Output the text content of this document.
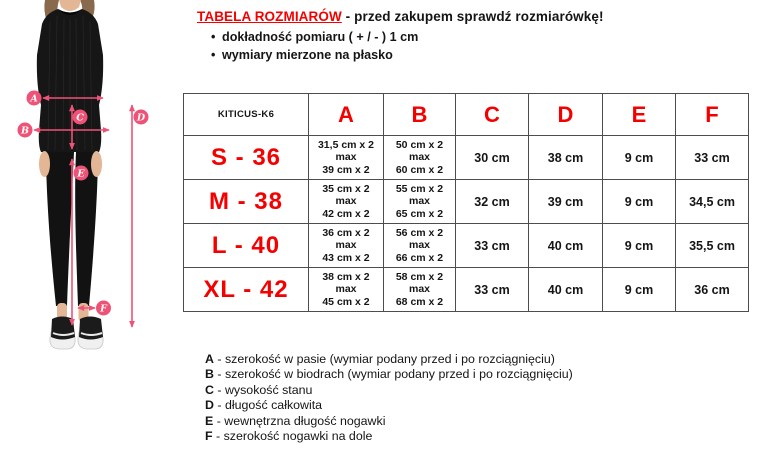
A
B
C	D
E
F
TABELA ROZMIARÓW - przed zakupem sprawdź rozmiarówkę!
• dokładność pomiaru ( + / - ) 1 cm
• wymiary mierzone na płasko
KITICUS-K6	A	B	C	D	E	F
S - 36	31,5 cm x 2
max
39 cm x 2	50 cm x 2
max
60 cm x 2	30 cm	38 cm	9 cm	33 cm
M - 38	35 cm x 2
max
42 cm x 2	55 cm x 2
max
65 cm x 2	32 cm	39 cm	9 cm	34,5 cm
L - 40	36 cm x 2
max
43 cm x 2	56 cm x 2
max
66 cm x 2	33 cm	40 cm	9 cm	35,5 cm
XL - 42	38 cm x 2
max
45 cm x 2	58 cm x 2
max
68 cm x 2	33 cm	40 cm	9 cm	36 cm
A - szerokość w pasie (wymiar podany przed i po rozciągnięciu)
B - szerokość w biodrach (wymiar podany przed i po rozciągnięciu)
C - wysokość stanu
D - długość całkowita
E - wewnętrzna długość nogawki
F - szerokość nogawki na dole
